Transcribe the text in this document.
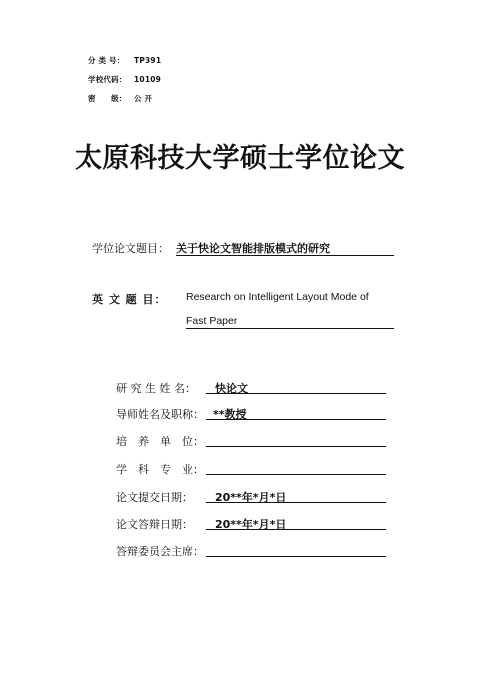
分 类 号： TP391
学校代码： 10109
密　　级： 公 开
太原科技大学硕士学位论文
学位论文题目： 关于快论文智能排版模式的研究
英 文 题 目： Research on Intelligent Layout Mode of
Fast Paper
研 究 生 姓 名： 快论文
导师姓名及职称： **教授
培　养　单　位：
学　科　专　业：
论文提交日期： 20**年*月*日
论文答辩日期： 20**年*月*日
答辩委员会主席：
